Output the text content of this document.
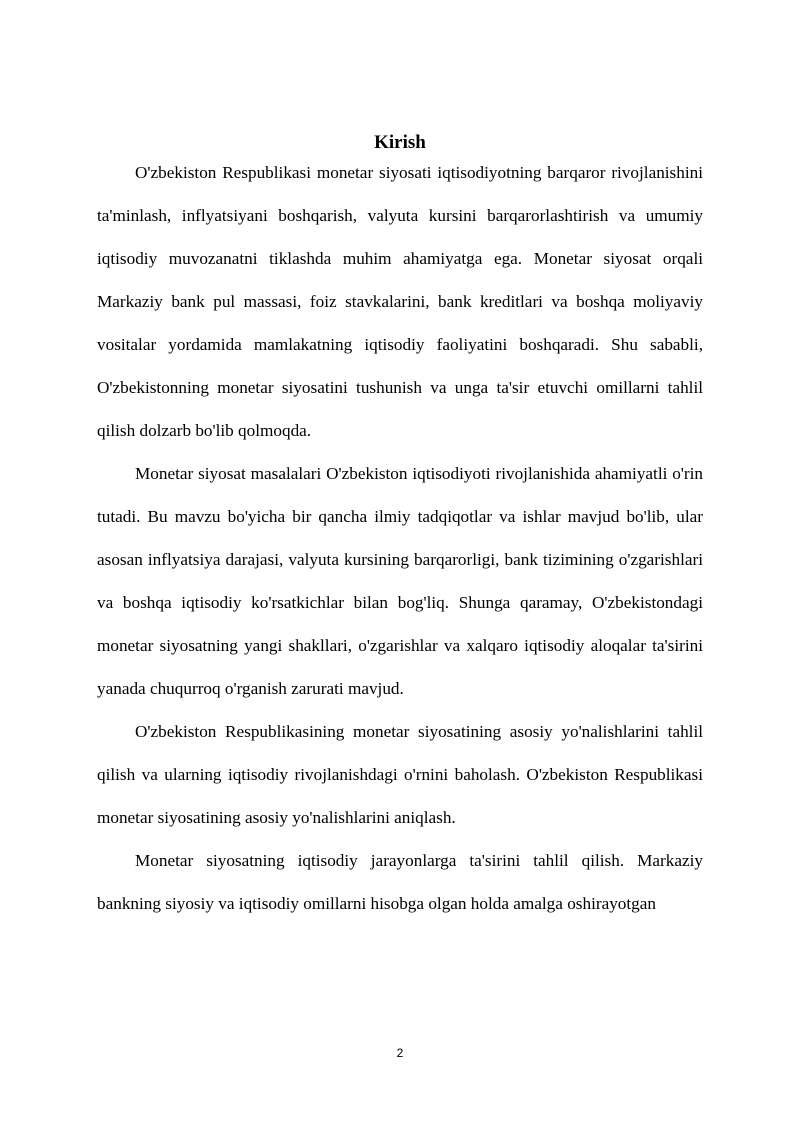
Kirish

O'zbekiston Respublikasi monetar siyosati iqtisodiyotning barqaror rivojlanishini ta'minlash, inflyatsiyani boshqarish, valyuta kursini barqarorlashtirish va umumiy iqtisodiy muvozanatni tiklashda muhim ahamiyatga ega. Monetar siyosat orqali Markaziy bank pul massasi, foiz stavkalarini, bank kreditlari va boshqa moliyaviy vositalar yordamida mamlakatning iqtisodiy faoliyatini boshqaradi. Shu sababli, O'zbekistonning monetar siyosatini tushunish va unga ta'sir etuvchi omillarni tahlil qilish dolzarb bo'lib qolmoqda.

Monetar siyosat masalalari O'zbekiston iqtisodiyoti rivojlanishida ahamiyatli o'rin tutadi. Bu mavzu bo'yicha bir qancha ilmiy tadqiqotlar va ishlar mavjud bo'lib, ular asosan inflyatsiya darajasi, valyuta kursining barqarorligi, bank tizimining o'zgarishlari va boshqa iqtisodiy ko'rsatkichlar bilan bog'liq. Shunga qaramay, O'zbekistondagi monetar siyosatning yangi shakllari, o'zgarishlar va xalqaro iqtisodiy aloqalar ta'sirini yanada chuqurroq o'rganish zarurati mavjud.

O'zbekiston Respublikasining monetar siyosatining asosiy yo'nalishlarini tahlil qilish va ularning iqtisodiy rivojlanishdagi o'rnini baholash. O'zbekiston Respublikasi monetar siyosatining asosiy yo'nalishlarini aniqlash.

Monetar siyosatning iqtisodiy jarayonlarga ta'sirini tahlil qilish. Markaziy bankning siyosiy va iqtisodiy omillarni hisobga olgan holda amalga oshirayotgan

2
